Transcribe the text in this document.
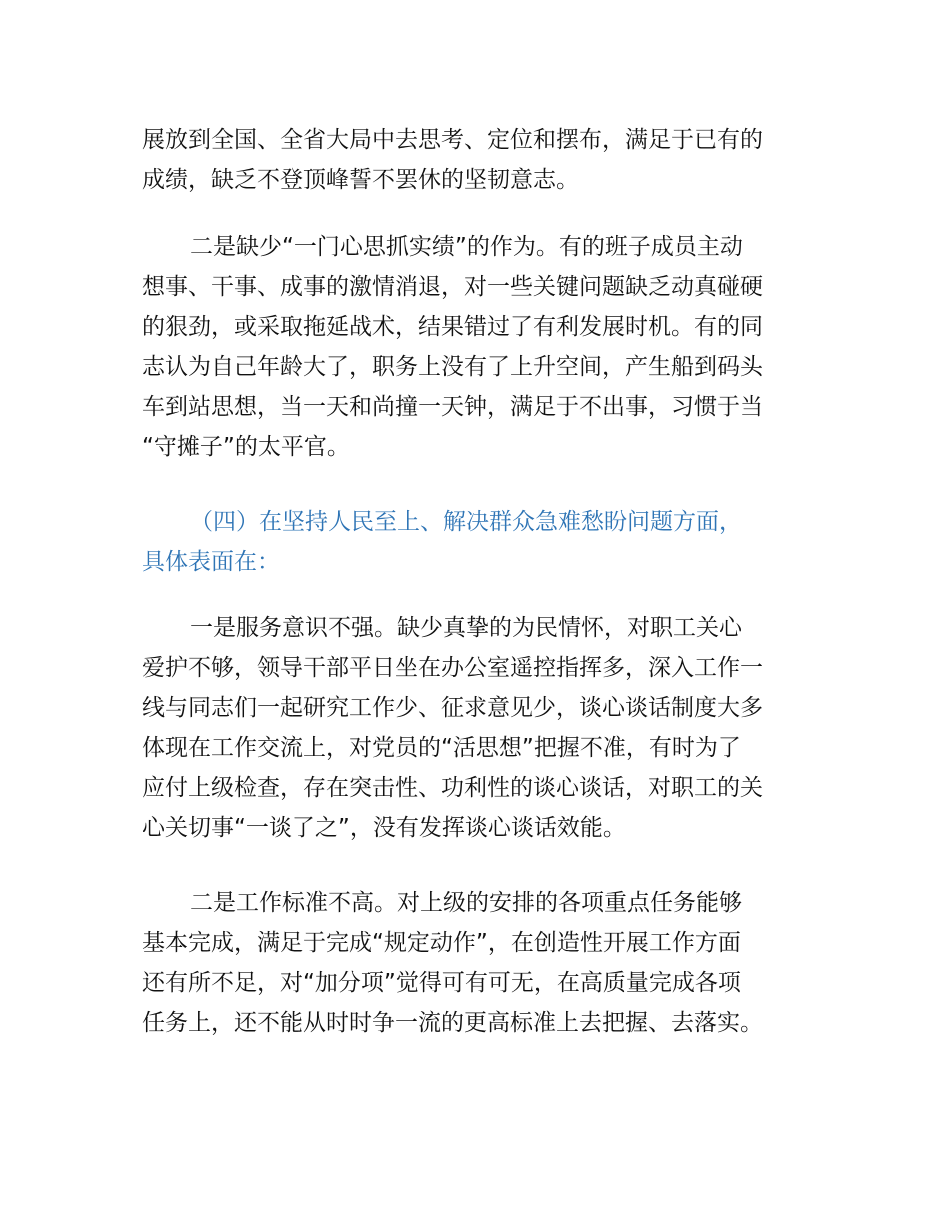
展放到全国、全省大局中去思考、定位和摆布，满足于已有的
成绩，缺乏不登顶峰誓不罢休的坚韧意志。
二是缺少“一门心思抓实绩”的作为。有的班子成员主动
想事、干事、成事的激情消退，对一些关键问题缺乏动真碰硬
的狠劲，或采取拖延战术，结果错过了有利发展时机。有的同
志认为自己年龄大了，职务上没有了上升空间，产生船到码头
车到站思想，当一天和尚撞一天钟，满足于不出事，习惯于当
“守摊子”的太平官。
（四）在坚持人民至上、解决群众急难愁盼问题方面，
具体表面在：
一是服务意识不强。缺少真挚的为民情怀，对职工关心
爱护不够，领导干部平日坐在办公室遥控指挥多，深入工作一
线与同志们一起研究工作少、征求意见少，谈心谈话制度大多
体现在工作交流上，对党员的“活思想”把握不准，有时为了
应付上级检查，存在突击性、功利性的谈心谈话，对职工的关
心关切事“一谈了之”，没有发挥谈心谈话效能。
二是工作标准不高。对上级的安排的各项重点任务能够
基本完成，满足于完成“规定动作”，在创造性开展工作方面
还有所不足，对“加分项”觉得可有可无，在高质量完成各项
任务上，还不能从时时争一流的更高标准上去把握、去落实。
